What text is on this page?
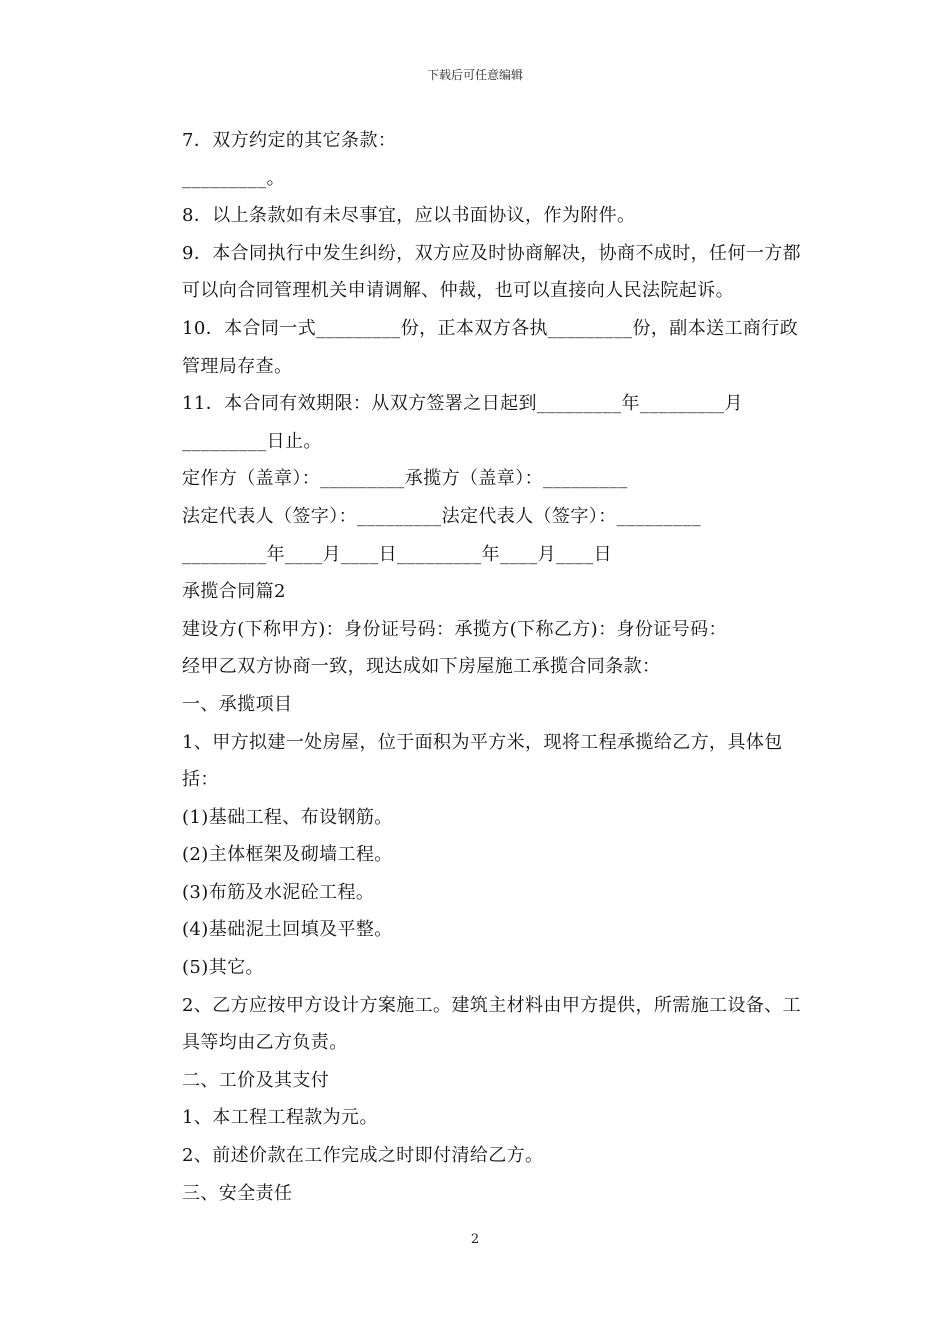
下载后可任意编辑

7．双方约定的其它条款：

_________。

8．以上条款如有未尽事宜，应以书面协议，作为附件。

9．本合同执行中发生纠纷，双方应及时协商解决，协商不成时，任何一方都可以向合同管理机关申请调解、仲裁，也可以直接向人民法院起诉。

10．本合同一式_________份，正本双方各执_________份，副本送工商行政管理局存查。

11．本合同有效期限：从双方签署之日起到_________年_________月_________日止。

定作方（盖章）：_________承揽方（盖章）：_________

法定代表人（签字）：_________法定代表人（签字）：_________

_________年____月____日_________年____月____日

承揽合同篇2

建设方(下称甲方)：身份证号码：承揽方(下称乙方)：身份证号码：

经甲乙双方协商一致，现达成如下房屋施工承揽合同条款：

一、承揽项目

1、甲方拟建一处房屋，位于面积为平方米，现将工程承揽给乙方，具体包括：

(1)基础工程、布设钢筋。

(2)主体框架及砌墙工程。

(3)布筋及水泥砼工程。

(4)基础泥土回填及平整。

(5)其它。

2、乙方应按甲方设计方案施工。建筑主材料由甲方提供，所需施工设备、工具等均由乙方负责。

二、工价及其支付

1、本工程工程款为元。

2、前述价款在工作完成之时即付清给乙方。

三、安全责任

2
